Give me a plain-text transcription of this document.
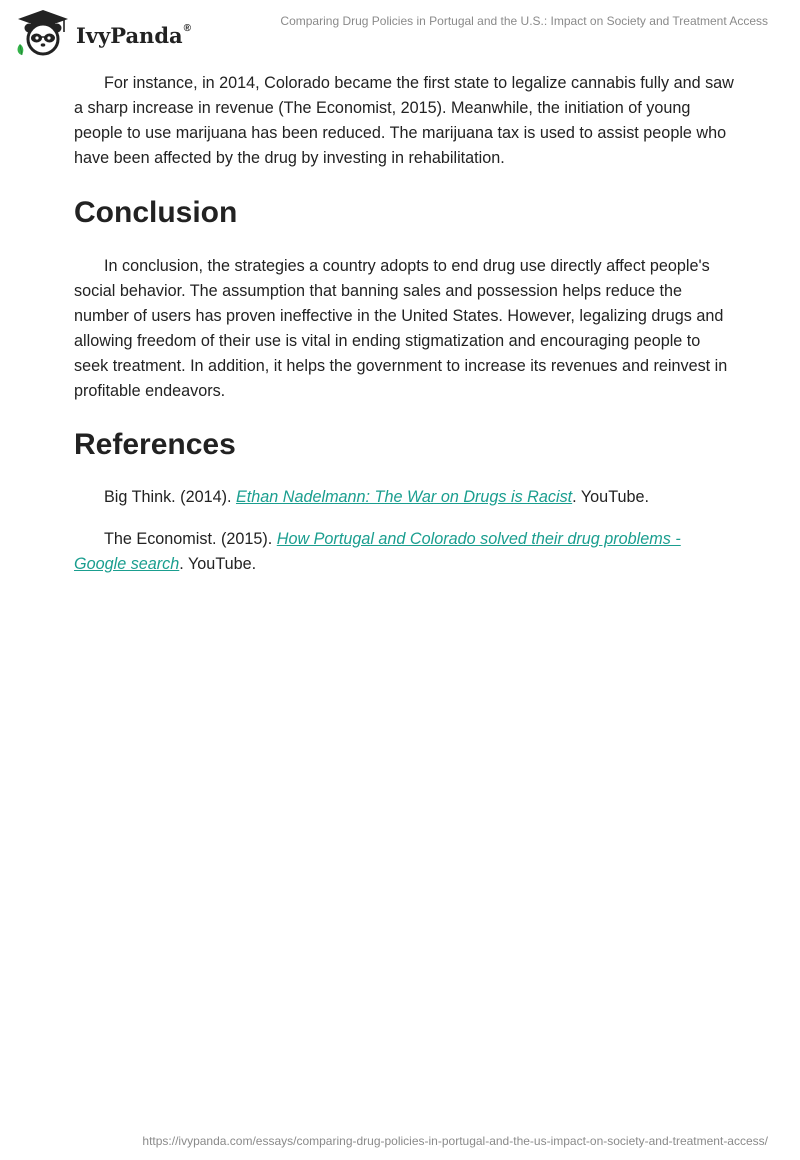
IvyPanda®	Comparing Drug Policies in Portugal and the U.S.: Impact on Society and Treatment Access

For instance, in 2014, Colorado became the first state to legalize cannabis fully and saw a sharp increase in revenue (The Economist, 2015). Meanwhile, the initiation of young people to use marijuana has been reduced. The marijuana tax is used to assist people who have been affected by the drug by investing in rehabilitation.

Conclusion

In conclusion, the strategies a country adopts to end drug use directly affect people's social behavior. The assumption that banning sales and possession helps reduce the number of users has proven ineffective in the United States. However, legalizing drugs and allowing freedom of their use is vital in ending stigmatization and encouraging people to seek treatment. In addition, it helps the government to increase its revenues and reinvest in profitable endeavors.

References

Big Think. (2014). Ethan Nadelmann: The War on Drugs is Racist. YouTube.

The Economist. (2015). How Portugal and Colorado solved their drug problems - Google search. YouTube.

https://ivypanda.com/essays/comparing-drug-policies-in-portugal-and-the-us-impact-on-society-and-treatment-access/
